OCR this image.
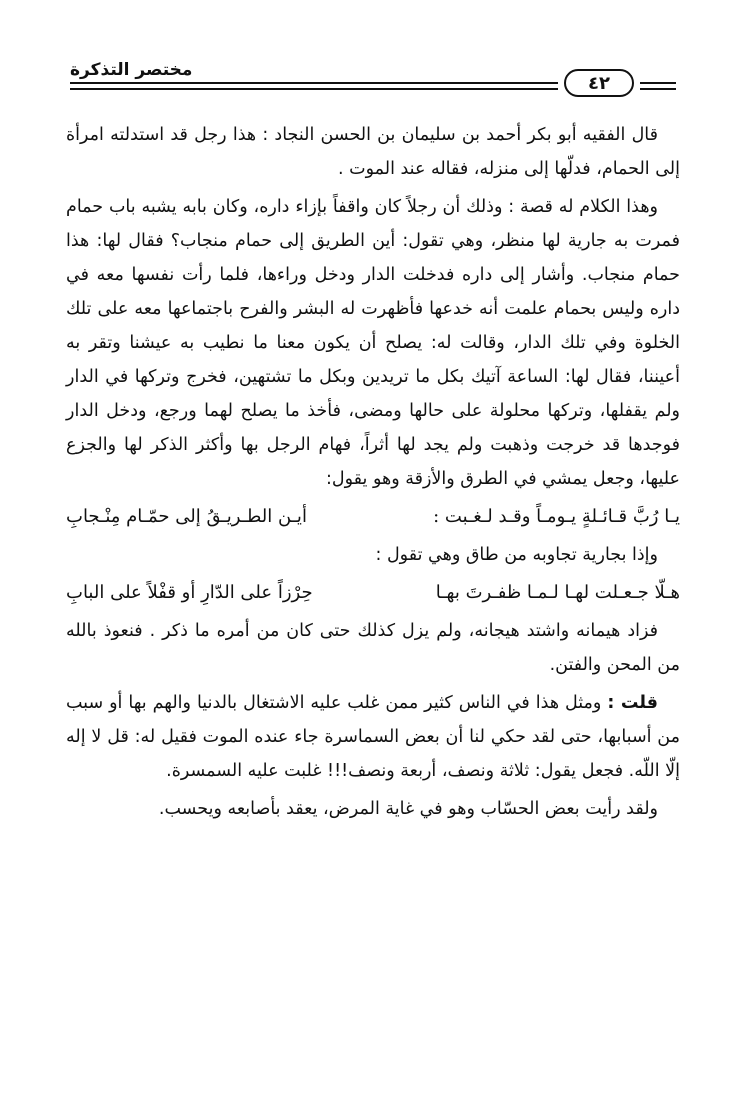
مختصر التذكرة
٤٢

قال الفقيه أبو بكر أحمد بن سليمان بن الحسن النجاد : هذا رجل قد استدلته امرأة إلى الحمام، فدلّها إلى منزله، فقاله عند الموت .

وهذا الكلام له قصة : وذلك أن رجلاً كان واقفاً بإزاء داره، وكان بابه يشبه باب حمام فمرت به جارية لها منظر، وهي تقول: أين الطريق إلى حمام منجاب؟ فقال لها: هذا حمام منجاب. وأشار إلى داره فدخلت الدار ودخل وراءها، فلما رأت نفسها معه في داره وليس بحمام علمت أنه خدعها فأظهرت له البشر والفرح باجتماعها معه على تلك الخلوة وفي تلك الدار، وقالت له: يصلح أن يكون معنا ما نطيب به عيشنا وتقر به أعيننا، فقال لها: الساعة آتيك بكل ما تريدين وبكل ما تشتهين، فخرج وتركها في الدار ولم يقفلها، وتركها محلولة على حالها ومضى، فأخذ ما يصلح لهما ورجع، ودخل الدار فوجدها قد خرجت وذهبت ولم يجد لها أثراً، فهام الرجل بها وأكثر الذكر لها والجزع عليها، وجعل يمشي في الطرق والأزقة وهو يقول:

يـا رُبَّ قـائـلةٍ يـومـاً وقـد لـغـبت :
أيـن الطـريـقُ إلى حمّـام مِنْـجابِ

وإذا بجارية تجاوبه من طاق وهي تقول :

هـلّا جـعـلت لهـا لـمـا ظفـرتَ بهـا
حِرْزاً على الدّارِ أو قفْلاً على البابِ

فزاد هيمانه واشتد هيجانه، ولم يزل كذلك حتى كان من أمره ما ذكر . فنعوذ بالله من المحن والفتن.

قلت : ومثل هذا في الناس كثير ممن غلب عليه الاشتغال بالدنيا والهم بها أو سبب من أسبابها، حتى لقد حكي لنا أن بعض السماسرة جاء عنده الموت فقيل له: قل لا إله إلّا اللّه. فجعل يقول: ثلاثة ونصف، أربعة ونصف!!! غلبت عليه السمسرة.

ولقد رأيت بعض الحسّاب وهو في غاية المرض، يعقد بأصابعه ويحسب.
